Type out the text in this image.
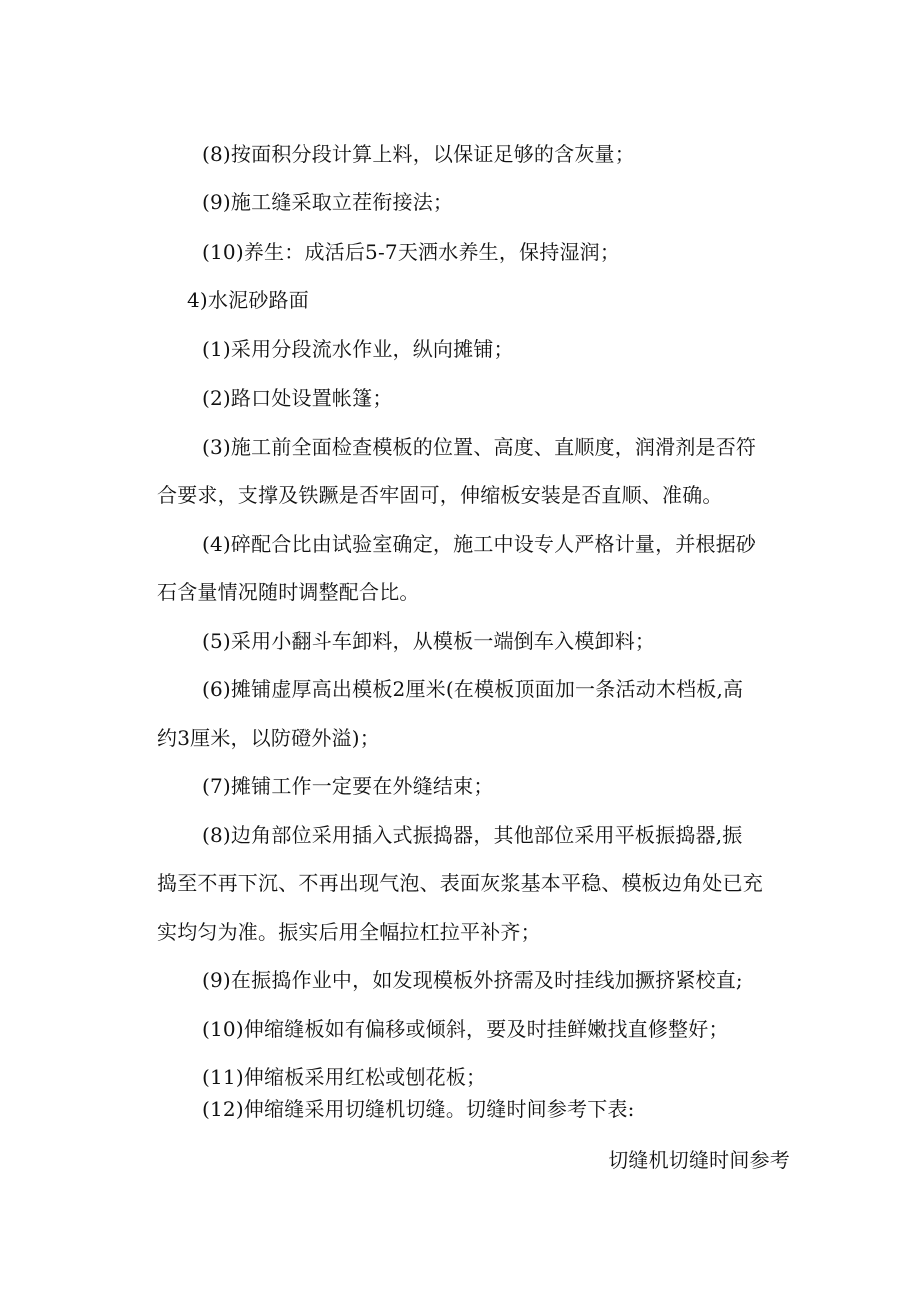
(8)按面积分段计算上料，以保证足够的含灰量；
(9)施工缝采取立茬衔接法；
(10)养生：成活后5-7天洒水养生，保持湿润；
4)水泥砂路面
(1)采用分段流水作业，纵向摊铺；
(2)路口处设置帐篷；
(3)施工前全面检查模板的位置、高度、直顺度，润滑剂是否符
合要求，支撑及铁蹶是否牢固可，伸缩板安装是否直顺、准确。
(4)碎配合比由试验室确定，施工中设专人严格计量，并根据砂
石含量情况随时调整配合比。
(5)采用小翻斗车卸料，从模板一端倒车入模卸料；
(6)摊铺虚厚高出模板2厘米(在模板顶面加一条活动木档板,高
约3厘米，以防磴外溢)；
(7)摊铺工作一定要在外缝结束；
(8)边角部位采用插入式振捣器，其他部位采用平板振捣器,振
捣至不再下沉、不再出现气泡、表面灰浆基本平稳、模板边角处已充
实均匀为准。振实后用全幅拉杠拉平补齐；
(9)在振捣作业中，如发现模板外挤需及时挂线加撅挤紧校直;
(10)伸缩缝板如有偏移或倾斜，要及时挂鲜嫩找直修整好；
(11)伸缩板采用红松或刨花板；
(12)伸缩缝采用切缝机切缝。切缝时间参考下表:
切缝机切缝时间参考
